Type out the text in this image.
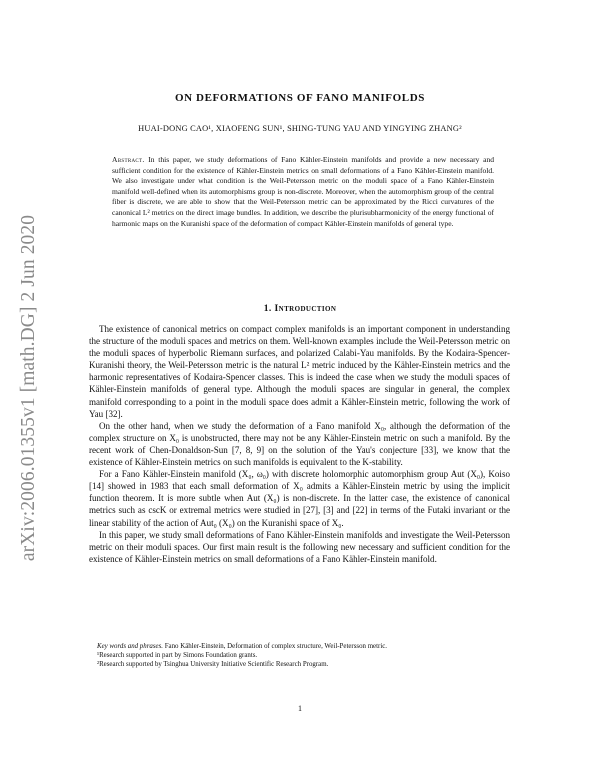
arXiv:2006.01355v1 [math.DG] 2 Jun 2020
ON DEFORMATIONS OF FANO MANIFOLDS

HUAI-DONG CAO¹, XIAOFENG SUN¹, SHING-TUNG YAU AND YINGYING ZHANG²

Abstract. In this paper, we study deformations of Fano Kähler-Einstein manifolds and provide a new necessary and sufficient condition for the existence of Kähler-Einstein metrics on small deformations of a Fano Kähler-Einstein manifold. We also investigate under what condition is the Weil-Petersson metric on the moduli space of a Fano Kähler-Einstein manifold well-defined when its automorphisms group is non-discrete. Moreover, when the automorphism group of the central fiber is discrete, we are able to show that the Weil-Petersson metric can be approximated by the Ricci curvatures of the canonical L² metrics on the direct image bundles. In addition, we describe the plurisubharmonicity of the energy functional of harmonic maps on the Kuranishi space of the deformation of compact Kähler-Einstein manifolds of general type.

1. Introduction

The existence of canonical metrics on compact complex manifolds is an important component in understanding the structure of the moduli spaces and metrics on them. Well-known examples include the Weil-Petersson metric on the moduli spaces of hyperbolic Riemann surfaces, and polarized Calabi-Yau manifolds. By the Kodaira-Spencer-Kuranishi theory, the Weil-Petersson metric is the natural L² metric induced by the Kähler-Einstein metrics and the harmonic representatives of Kodaira-Spencer classes. This is indeed the case when we study the moduli spaces of Kähler-Einstein manifolds of general type. Although the moduli spaces are singular in general, the complex manifold corresponding to a point in the moduli space does admit a Kähler-Einstein metric, following the work of Yau [32].

On the other hand, when we study the deformation of a Fano manifold X₀, although the deformation of the complex structure on X₀ is unobstructed, there may not be any Kähler-Einstein metric on such a manifold. By the recent work of Chen-Donaldson-Sun [7, 8, 9] on the solution of the Yau's conjecture [33], we know that the existence of Kähler-Einstein metrics on such manifolds is equivalent to the K-stability.

For a Fano Kähler-Einstein manifold (X₀, ω₀) with discrete holomorphic automorphism group Aut (X₀), Koiso [14] showed in 1983 that each small deformation of X₀ admits a Kähler-Einstein metric by using the implicit function theorem. It is more subtle when Aut (X₀) is non-discrete. In the latter case, the existence of canonical metrics such as cscK or extremal metrics were studied in [27], [3] and [22] in terms of the Futaki invariant or the linear stability of the action of Aut₀ (X₀) on the Kuranishi space of X₀.

In this paper, we study small deformations of Fano Kähler-Einstein manifolds and investigate the Weil-Petersson metric on their moduli spaces. Our first main result is the following new necessary and sufficient condition for the existence of Kähler-Einstein metrics on small deformations of a Fano Kähler-Einstein manifold.

Key words and phrases. Fano Kähler-Einstein, Deformation of complex structure, Weil-Petersson metric.

¹Research supported in part by Simons Foundation grants.

²Research supported by Tsinghua University Initiative Scientific Research Program.

1
